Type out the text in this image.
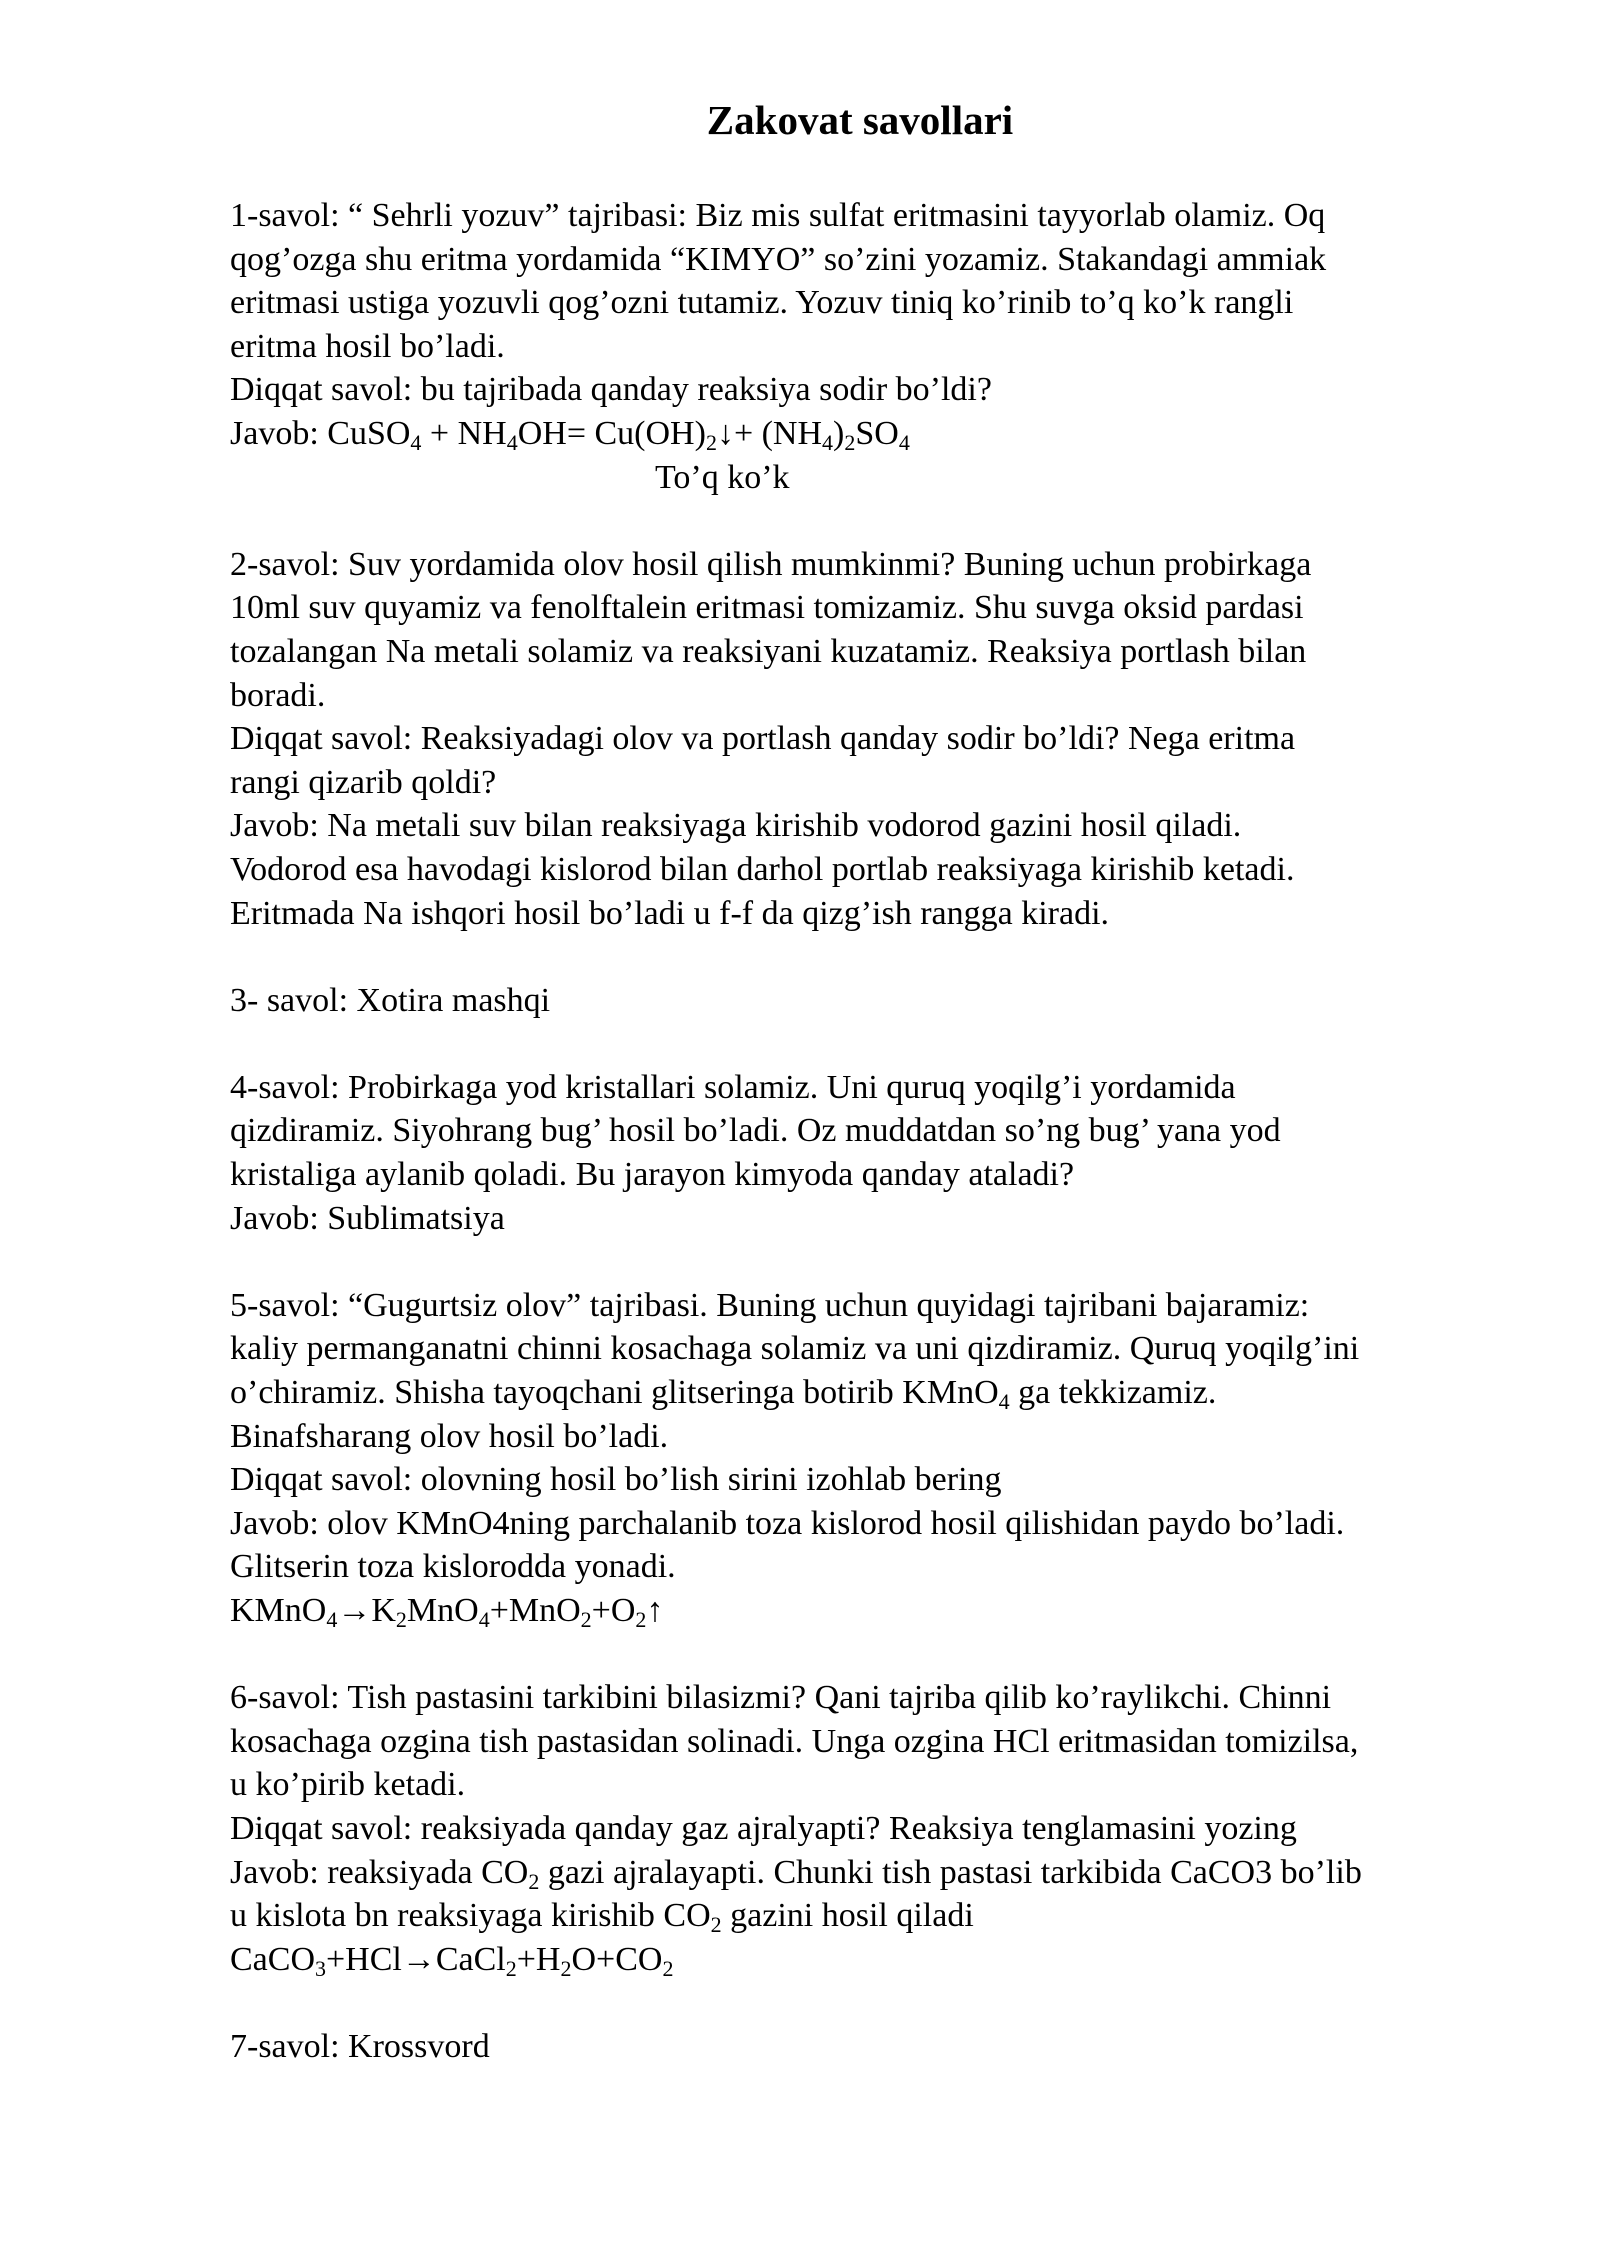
Zakovat savollari
1-savol: “ Sehrli yozuv” tajribasi: Biz mis sulfat eritmasini tayyorlab olamiz. Oq
qog’ozga shu eritma yordamida “KIMYO” so’zini yozamiz. Stakandagi ammiak
eritmasi ustiga yozuvli qog’ozni tutamiz. Yozuv tiniq ko’rinib to’q ko’k rangli
eritma hosil bo’ladi.
Diqqat savol: bu tajribada qanday reaksiya sodir bo’ldi?
Javob: CuSO$_4$ + $NH_4OH=$ $Cu(OH)_2↓+ (NH_4)_2SO_4$
To’q ko’k
2-savol: Suv yordamida olov hosil qilish mumkinmi? Buning uchun probirkaga
10ml suv quyamiz va fenolftalein eritmasi tomizamiz. Shu suvga oksid pardasi
tozalangan Na metali solamiz va reaksiyani kuzatamiz. Reaksiya portlash bilan
boradi.
Diqqat savol: Reaksiyadagi olov va portlash qanday sodir bo’ldi? Nega eritma
rangi qizarib qoldi?
Javob: Na metali suv bilan reaksiyaga kirishib vodorod gazini hosil qiladi.
Vodorod esa havodagi kislorod bilan darhol portlab reaksiyaga kirishib ketadi.
Eritmada Na ishqori hosil bo’ladi u f-f da qizg’ish rangga kiradi.
3- savol: Xotira mashqi
4-savol: Probirkaga yod kristallari solamiz. Uni quruq yoqilg’i yordamida
qizdiramiz. Siyohrang bug’ hosil bo’ladi. Oz muddatdan so’ng bug’ yana yod
kristaliga aylanib qoladi. Bu jarayon kimyoda qanday ataladi?
Javob: Sublimatsiya
5-savol: “Gugurtsiz olov” tajribasi. Buning uchun quyidagi tajribani bajaramiz:
kaliy permanganatni chinni kosachaga solamiz va uni qizdiramiz. Quruq yoqilg’ini
o’chiramiz. Shisha tayoqchani glitseringa botirib KMnO$_4$ ga tekkizamiz.
Binafsharang olov hosil bo’ladi.
Diqqat savol: olovning hosil bo’lish sirini izohlab bering
Javob: olov KMnO4ning parchalanib toza kislorod hosil qilishidan paydo bo’ladi.
Glitserin toza kislorodda yonadi.
$KMnO_4\to K_2MnO_4+MnO_2+O_2↑$
6-savol: Tish pastasini tarkibini bilasizmi? Qani tajriba qilib ko’raylikchi. Chinni
kosachaga ozgina tish pastasidan solinadi. Unga ozgina HCl eritmasidan tomizilsa,
u ko’pirib ketadi.
Diqqat savol: reaksiyada qanday gaz ajralyapti? Reaksiya tenglamasini yozing
Javob: reaksiyada $CO_2$ gazi ajralayapti. Chunki tish pastasi tarkibida CaCO3 bo’lib
u kislota bn reaksiyaga kirishib $CO_2$ gazini hosil qiladi
$CaCO_3+HCl\to CaCl_2+H_2O+CO_2$
7-savol: Krossvord
